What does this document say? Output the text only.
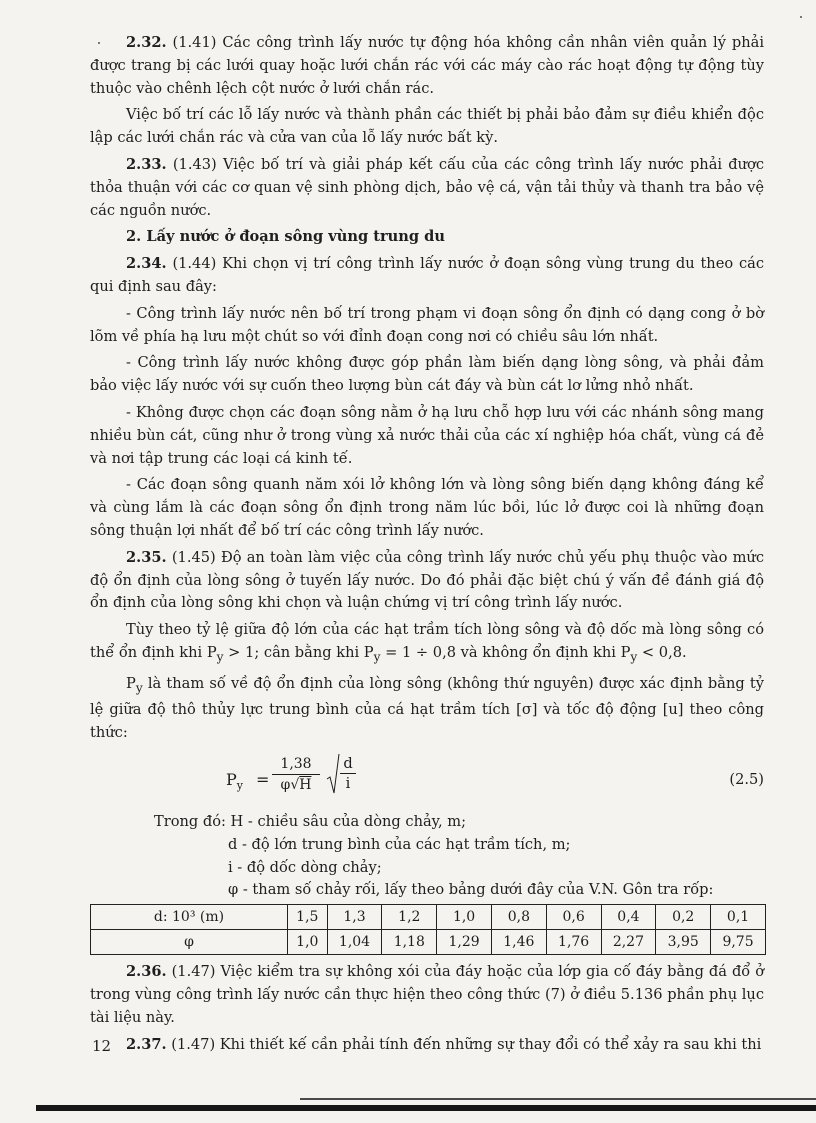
2.32. (1.41) Các công trình lấy nước tự động hóa không cần nhân viên quản lý phải được trang bị các lưới quay hoặc lưới chắn rác với các máy cào rác hoạt động tự động tùy thuộc vào chênh lệch cột nước ở lưới chắn rác.

Việc bố trí các lỗ lấy nước và thành phần các thiết bị phải bảo đảm sự điều khiển độc lập các lưới chắn rác và cửa van của lỗ lấy nước bất kỳ.

2.33. (1.43) Việc bố trí và giải pháp kết cấu của các công trình lấy nước phải được thỏa thuận với các cơ quan vệ sinh phòng dịch, bảo vệ cá, vận tải thủy và thanh tra bảo vệ các nguồn nước.

2. Lấy nước ở đoạn sông vùng trung du

2.34. (1.44) Khi chọn vị trí công trình lấy nước ở đoạn sông vùng trung du theo các qui định sau đây:

- Công trình lấy nước nên bố trí trong phạm vi đoạn sông ổn định có dạng cong ở bờ lõm về phía hạ lưu một chút so với đỉnh đoạn cong nơi có chiều sâu lớn nhất.

- Công trình lấy nước không được góp phần làm biến dạng lòng sông, và phải đảm bảo việc lấy nước với sự cuốn theo lượng bùn cát đáy và bùn cát lơ lửng nhỏ nhất.

- Không được chọn các đoạn sông nằm ở hạ lưu chỗ hợp lưu với các nhánh sông mang nhiều bùn cát, cũng như ở trong vùng xả nước thải của các xí nghiệp hóa chất, vùng cá đẻ và nơi tập trung các loại cá kinh tế.

- Các đoạn sông quanh năm xói lở không lớn và lòng sông biến dạng không đáng kể và cùng lắm là các đoạn sông ổn định trong năm lúc bồi, lúc lở được coi là những đoạn sông thuận lợi nhất để bố trí các công trình lấy nước.

2.35. (1.45) Độ an toàn làm việc của công trình lấy nước chủ yếu phụ thuộc vào mức độ ổn định của lòng sông ở tuyến lấy nước. Do đó phải đặc biệt chú ý vấn đề đánh giá độ ổn định của lòng sông khi chọn và luận chứng vị trí công trình lấy nước.

Tùy theo tỷ lệ giữa độ lớn của các hạt trầm tích lòng sông và độ dốc mà lòng sông có thể ổn định khi $P_y > 1$; cân bằng khi $P_y = 1 \div 0,8$ và không ổn định khi $P_y < 0,8$.

$P_y$ là tham số về độ ổn định của lòng sông (không thứ nguyên) được xác định bằng tỷ lệ giữa độ thô thủy lực trung bình của cá hạt trầm tích [σ] và tốc độ động [u] theo công thức:

$P_y = \frac{1,38}{\varphi√H} \frac{d}{i}$	(2.5)

Trong đó: H - chiều sâu của dòng chảy, m;

d - độ lớn trung bình của các hạt trầm tích, m;

i - độ dốc dòng chảy;

φ - tham số chảy rối, lấy theo bảng dưới đây của V.N. Gôn tra rốp:

d: 10³ (m)	1,5	1,3	1,2	1,0	0,8	0,6	0,4	0,2	0,1
φ	1,0	1,04	1,18	1,29	1,46	1,76	2,27	3,95	9,75

2.36. (1.47) Việc kiểm tra sự không xói của đáy hoặc của lớp gia cố đáy bằng đá đổ ở trong vùng công trình lấy nước cần thực hiện theo công thức (7) ở điều 5.136 phần phụ lục tài liệu này.

2.37. (1.47) Khi thiết kế cần phải tính đến những sự thay đổi có thể xảy ra sau khi thi

12
